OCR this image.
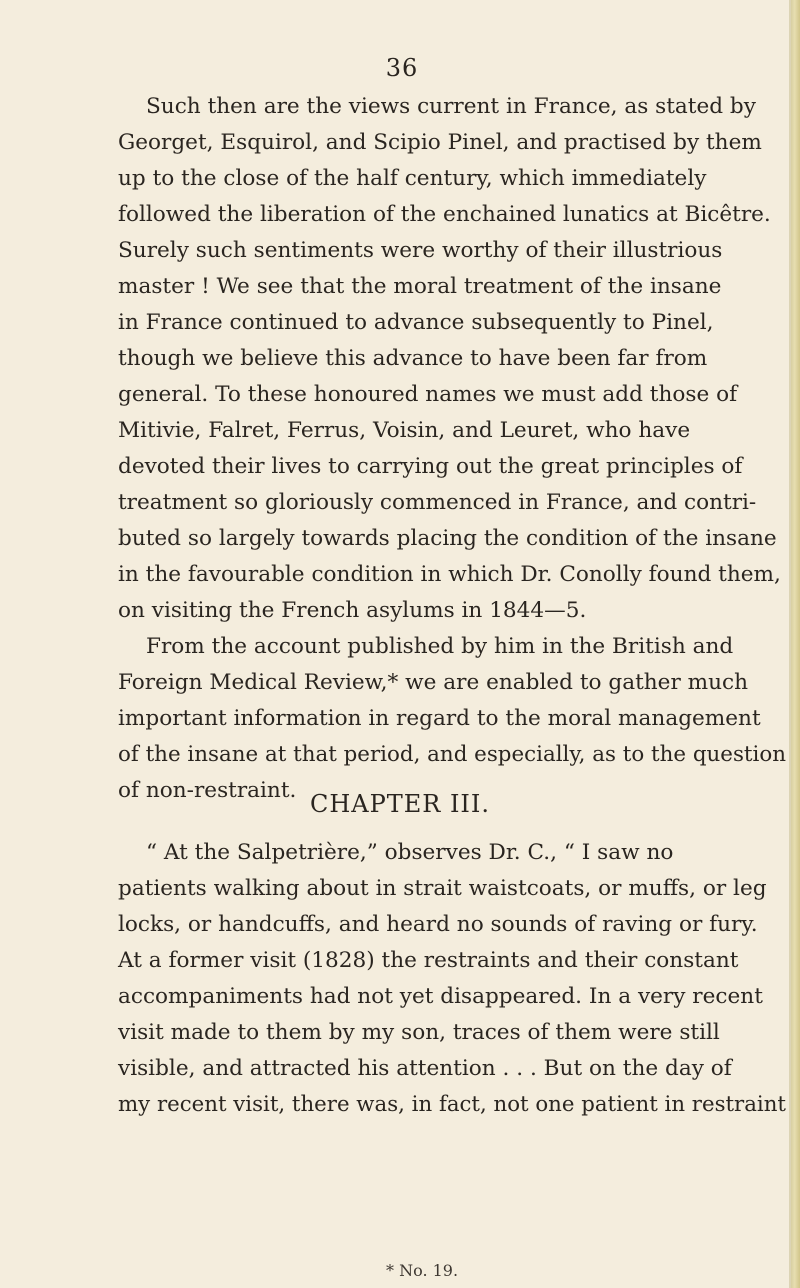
36
Such then are the views current in France, as stated by
Georget, Esquirol, and Scipio Pinel, and practised by them
up to the close of the half century, which immediately
followed the liberation of the enchained lunatics at Bicêtre.
Surely such sentiments were worthy of their illustrious
master ! We see that the moral treatment of the insane
in France continued to advance subsequently to Pinel,
though we believe this advance to have been far from
general. To these honoured names we must add those of
Mitivie, Falret, Ferrus, Voisin, and Leuret, who have
devoted their lives to carrying out the great principles of
treatment so gloriously commenced in France, and contri-
buted so largely towards placing the condition of the insane
in the favourable condition in which Dr. Conolly found them,
on visiting the French asylums in 1844—5.
From the account published by him in the British and
Foreign Medical Review,* we are enabled to gather much
important information in regard to the moral management
of the insane at that period, and especially, as to the question
of non-restraint. CHAPTER III.
“ At the Salpetrière,” observes Dr. C., “ I saw no
patients walking about in strait waistcoats, or muffs, or leg
locks, or handcuffs, and heard no sounds of raving or fury.
At a former visit (1828) the restraints and their constant
accompaniments had not yet disappeared. In a very recent
visit made to them by my son, traces of them were still
visible, and attracted his attention . . . But on the day of
my recent visit, there was, in fact, not one patient in restraint
* No. 19.
